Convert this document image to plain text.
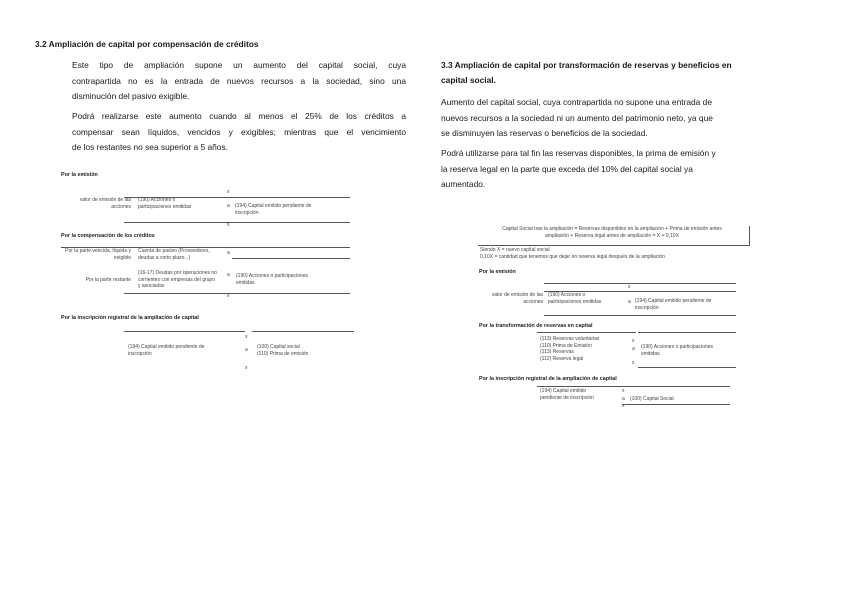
3.2 Ampliación de capital por compensación de créditos
Este tipo de ampliación supone un aumento del capital social, cuya
contrapartida no es la entrada de nuevos recursos a la sociedad, sino una
disminución del pasivo exigible.
Podrá realizarse este aumento cuando al menos el 25% de los créditos a
compensar sean líquidos, vencidos y exigibles; mientras que el vencimiento
de los restantes no sea superior a 5 años.
Por la emisión
x
valor de emisión de las
acciones
(190) Acciones o
participaciones emitidas	a (194) Capital emitido pendiente de
inscripción
x
Por la compensación de los créditos
Por la parte vencida, líquida y
exigible
Cuenta de pasivo (Proveedores,
deudas a corto plazo...)
a
Por la parte restante
(16-17) Deudas por operaciones no
corrientes con empresas del grupo
y asociadas
a (190) Acciones o participaciones
emitidas
x
Por la inscripción registral de la ampliación de capital
x
(194) Capital emitido pendiente de
inscripción
a (100) Capital social
(110) Prima de emisión
x
3.3 Ampliación de capital por transformación de reservas y beneficios en
capital social.
Aumento del capital social, cuya contrapartida no supone una entrada de
nuevos recursos a la sociedad ni un aumento del patrimonio neto, ya que
se disminuyen las reservas o beneficios de la sociedad.
Podrá utilizarse para tal fin las reservas disponibles, la prima de emisión y
la reserva legal en la parte que exceda del 10% del capital social ya
aumentado.
Capital Social tras la ampliación = Reservas disponibles en la ampliación + Prima de emisión antes
ampliación + Reserva legal antes de ampliación = X + 0,10X
Siendo X = nuevo capital social
0,10X = cantidad que tenemos que dejar en reserva legal después de la ampliación
Por la emisión
x
valor de emisión de las
acciones
(190) Acciones o
participaciones emitidas	a (194) Capital emitido pendiente de
inscripción
Por la transformación de reservas en capital
(113) Reservas voluntarias
(110) Prima de Emisión
(113) Reservas
(112) Reserva legal
x
a (190) Acciones o participaciones
emitidas
x
Por la inscripción registral de la ampliación de capital
(194) Capital emitido
pendiente de inscripción
x
a (100) Capital Social
x
